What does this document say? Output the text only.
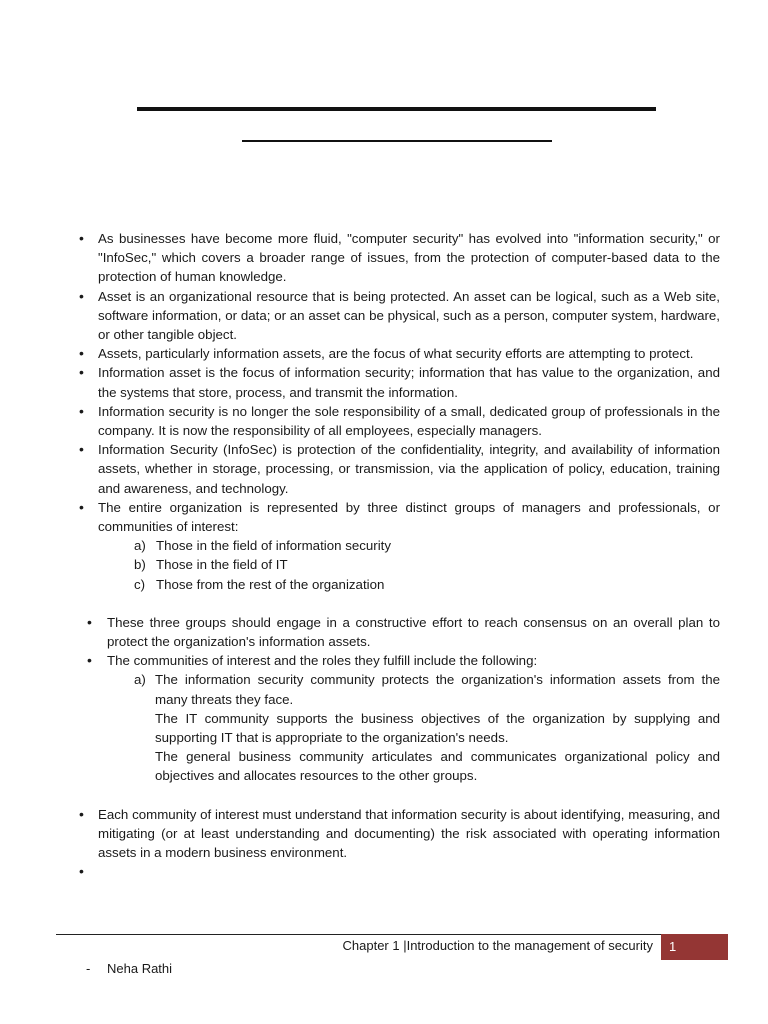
• As businesses have become more fluid, "computer security" has evolved into "information security," or "InfoSec," which covers a broader range of issues, from the protection of computer-based data to the protection of human knowledge.
• Asset is an organizational resource that is being protected. An asset can be logical, such as a Web site, software information, or data; or an asset can be physical, such as a person, computer system, hardware, or other tangible object.
• Assets, particularly information assets, are the focus of what security efforts are attempting to protect.
• Information asset is the focus of information security; information that has value to the organization, and the systems that store, process, and transmit the information.
• Information security is no longer the sole responsibility of a small, dedicated group of professionals in the company. It is now the responsibility of all employees, especially managers.
• Information Security (InfoSec) is protection of the confidentiality, integrity, and availability of information assets, whether in storage, processing, or transmission, via the application of policy, education, training and awareness, and technology.
• The entire organization is represented by three distinct groups of managers and professionals, or communities of interest:
a) Those in the field of information security
b) Those in the field of IT
c) Those from the rest of the organization
• These three groups should engage in a constructive effort to reach consensus on an overall plan to protect the organization's information assets.
• The communities of interest and the roles they fulfill include the following:
a) The information security community protects the organization's information assets from the many threats they face.
The IT community supports the business objectives of the organization by supplying and supporting IT that is appropriate to the organization's needs.
The general business community articulates and communicates organizational policy and objectives and allocates resources to the other groups.
• Each community of interest must understand that information security is about identifying, measuring, and mitigating (or at least understanding and documenting) the risk associated with operating information assets in a modern business environment.
•
Chapter 1 |Introduction to the management of security 1
- Neha Rathi
